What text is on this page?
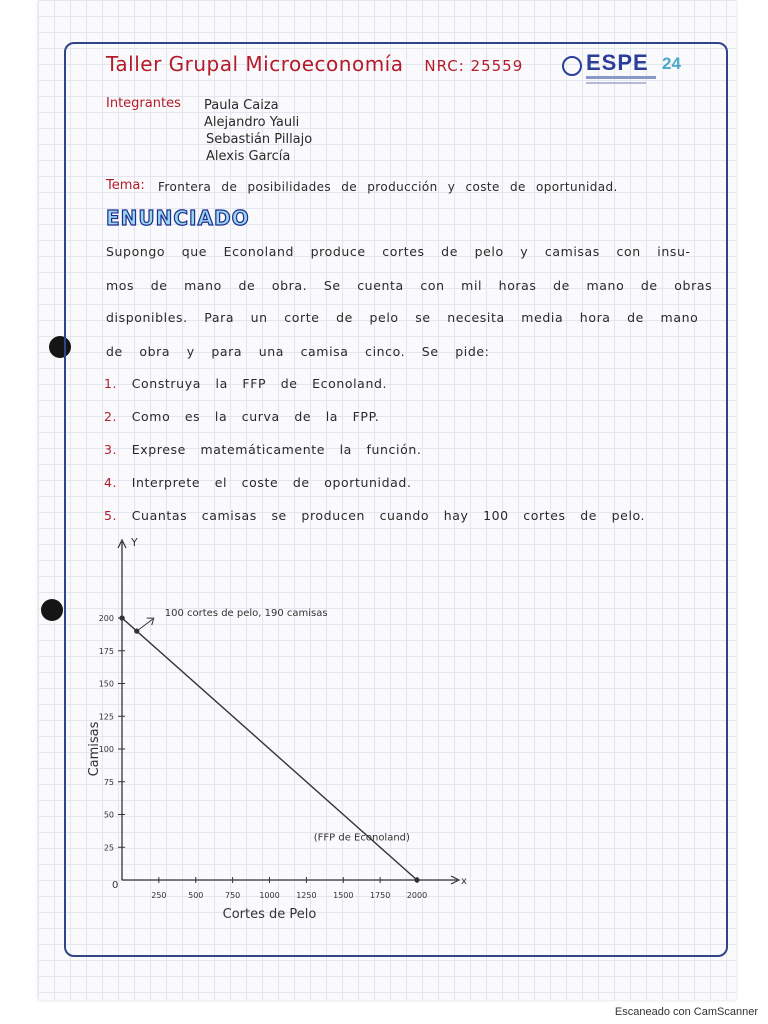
Taller Grupal Microeconomía NRC: 25559	ESPE 24
Integrantes Paula Caiza
Alejandro Yauli
Sebastián Pillajo
Alexis García
Tema: Frontera de posibilidades de producción y coste de oportunidad.
ENUNCIADO
Supongo que Econoland produce cortes de pelo y camisas con insu-
mos de mano de obra. Se cuenta con mil horas de mano de obras
disponibles. Para un corte de pelo se necesita media hora de mano
de obra y para una camisa cinco. Se pide:
1. Construya la FFP de Econoland.
2. Como es la curva de la FPP.
3. Exprese matemáticamente la función.
4. Interprete el coste de oportunidad.
5. Cuantas camisas se producen cuando hay 100 cortes de pelo.
Y
x
0
25
50
75
100
125
150
175
200
250	500	750 1000 1250 1500 1750 2000
Cortes de Pelo
Camisas
(FFP de Econoland)
100 cortes de pelo, 190 camisas
Escaneado con CamScanner
